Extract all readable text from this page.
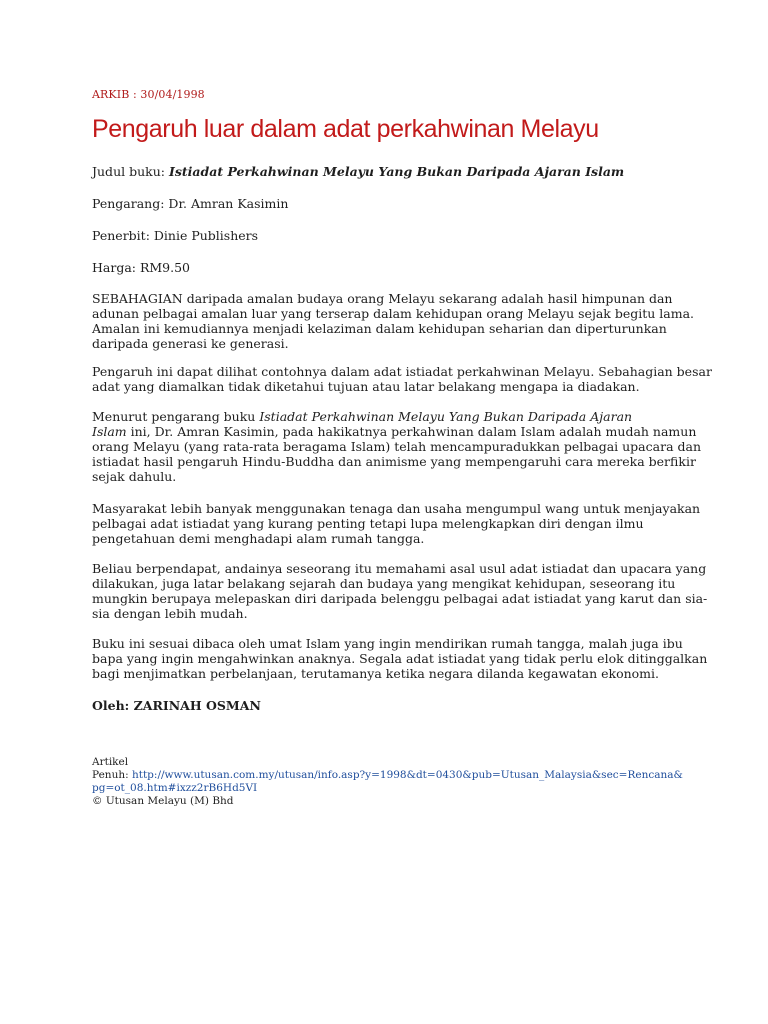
ARKIB : 30/04/1998
Pengaruh luar dalam adat perkahwinan Melayu
Judul buku: Istiadat Perkahwinan Melayu Yang Bukan Daripada Ajaran Islam
Pengarang: Dr. Amran Kasimin
Penerbit: Dinie Publishers
Harga: RM9.50
SEBAHAGIAN daripada amalan budaya orang Melayu sekarang adalah hasil himpunan dan
adunan pelbagai amalan luar yang terserap dalam kehidupan orang Melayu sejak begitu lama.
Amalan ini kemudiannya menjadi kelaziman dalam kehidupan seharian dan diperturunkan
daripada generasi ke generasi.
Pengaruh ini dapat dilihat contohnya dalam adat istiadat perkahwinan Melayu. Sebahagian besar
adat yang diamalkan tidak diketahui tujuan atau latar belakang mengapa ia diadakan.
Menurut pengarang buku Istiadat Perkahwinan Melayu Yang Bukan Daripada Ajaran
Islam ini, Dr. Amran Kasimin, pada hakikatnya perkahwinan dalam Islam adalah mudah namun
orang Melayu (yang rata-rata beragama Islam) telah mencampuradukkan pelbagai upacara dan
istiadat hasil pengaruh Hindu-Buddha dan animisme yang mempengaruhi cara mereka berfikir
sejak dahulu.
Masyarakat lebih banyak menggunakan tenaga dan usaha mengumpul wang untuk menjayakan
pelbagai adat istiadat yang kurang penting tetapi lupa melengkapkan diri dengan ilmu
pengetahuan demi menghadapi alam rumah tangga.
Beliau berpendapat, andainya seseorang itu memahami asal usul adat istiadat dan upacara yang
dilakukan, juga latar belakang sejarah dan budaya yang mengikat kehidupan, seseorang itu
mungkin berupaya melepaskan diri daripada belenggu pelbagai adat istiadat yang karut dan sia-
sia dengan lebih mudah.
Buku ini sesuai dibaca oleh umat Islam yang ingin mendirikan rumah tangga, malah juga ibu
bapa yang ingin mengahwinkan anaknya. Segala adat istiadat yang tidak perlu elok ditinggalkan
bagi menjimatkan perbelanjaan, terutamanya ketika negara dilanda kegawatan ekonomi.
Oleh: ZARINAH OSMAN
Artikel
Penuh: http://www.utusan.com.my/utusan/info.asp?y=1998&dt=0430&pub=Utusan_Malaysia&sec=Rencana&
pg=ot_08.htm#ixzz2rB6Hd5VI
© Utusan Melayu (M) Bhd
